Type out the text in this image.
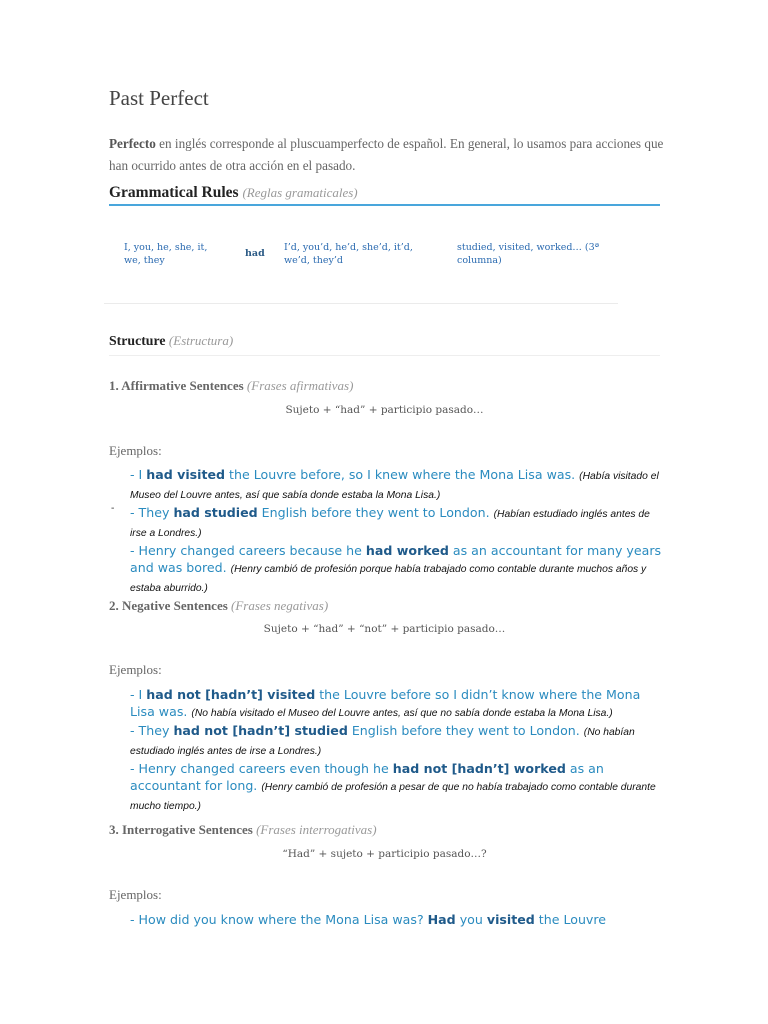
Past Perfect
Perfecto en inglés corresponde al pluscuamperfecto de español. En general, lo usamos para acciones que han ocurrido antes de otra acción en el pasado.
Grammatical Rules (Reglas gramaticales)
I, you, he, she, it, we, they
had
I’d, you’d, he’d, she’d, it’d, we’d, they’d
studied, visited, worked… (3ª columna)
Structure (Estructura)
1. Affirmative Sentences (Frases afirmativas)
Sujeto + “had” + participio pasado…
Ejemplos:
-

- I had visited the Louvre before, so I knew where the Mona Lisa was. (Había visitado el Museo del Louvre antes, así que sabía donde estaba la Mona Lisa.)

- They had studied English before they went to London. (Habían estudiado inglés antes de irse a Londres.)

- Henry changed careers because he had worked as an accountant for many years and was bored. (Henry cambió de profesión porque había trabajado como contable durante muchos años y estaba aburrido.)

2. Negative Sentences (Frases negativas)
Sujeto + “had” + “not” + participio pasado…
Ejemplos:

- I had not [hadn’t] visited the Louvre before so I didn’t know where the Mona Lisa was. (No había visitado el Museo del Louvre antes, así que no sabía donde estaba la Mona Lisa.)

- They had not [hadn’t] studied English before they went to London. (No habían estudiado inglés antes de irse a Londres.)

- Henry changed careers even though he had not [hadn’t] worked as an accountant for long. (Henry cambió de profesión a pesar de que no había trabajado como contable durante mucho tiempo.)

3. Interrogative Sentences (Frases interrogativas)
“Had” + sujeto + participio pasado…?
Ejemplos:

- How did you know where the Mona Lisa was? Had you visited the Louvre
